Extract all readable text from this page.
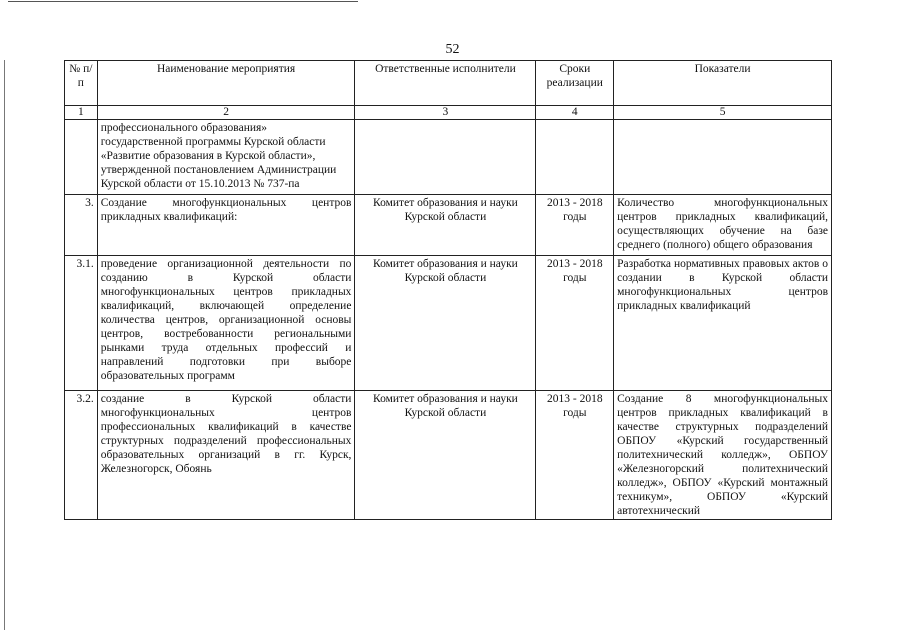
52
№ п/п	Наименование мероприятия	Ответственные исполнители	Сроки реализации	Показатели
1	2	3	4	5
	профессионального образования» государственной программы Курской области «Развитие образования в Курской области», утвержденной постановлением Администрации Курской области от 15.10.2013 № 737-па			
3.	Создание многофункциональных центров прикладных квалификаций:	Комитет образования и науки Курской области	2013 - 2018 годы	Количество многофункциональных центров прикладных квалификаций, осуществляющих обучение на базе среднего (полного) общего образования
3.1.	проведение организационной деятельности по созданию в Курской области многофункциональных центров прикладных квалификаций, включающей определение количества центров, организационной основы центров, востребованности региональными рынками труда отдельных профессий и направлений подготовки при выборе образовательных программ	Комитет образования и науки Курской области	2013 - 2018 годы	Разработка нормативных правовых актов о создании в Курской области многофункциональных центров прикладных квалификаций
3.2.	создание в Курской области многофункциональных центров профессиональных квалификаций в качестве структурных подразделений профессиональных образовательных организаций в гг. Курск, Железногорск, Обоянь	Комитет образования и науки Курской области	2013 - 2018 годы	Создание 8 многофункциональных центров прикладных квалификаций в качестве структурных подразделений ОБПОУ «Курский государственный политехнический колледж», ОБПОУ «Железногорский политехнический колледж», ОБПОУ «Курский монтажный техникум», ОБПОУ «Курский автотехнический
